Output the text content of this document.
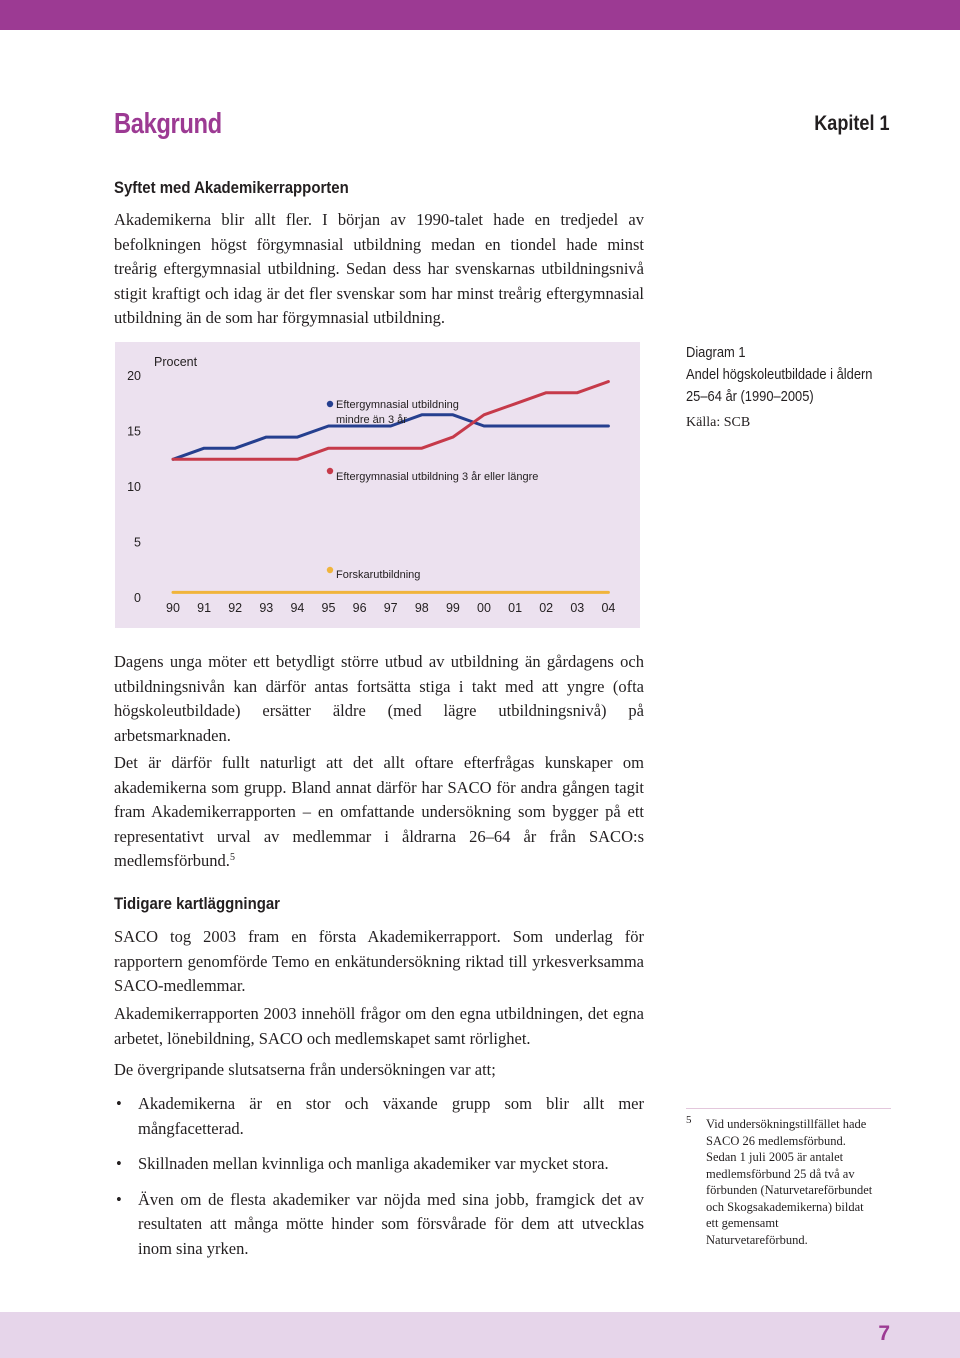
Bakgrund	Kapitel 1
Syftet med Akademikerrapporten

Akademikerna blir allt fler. I början av 1990-talet hade en tredjedel av befolkningen högst förgymnasial utbildning medan en tiondel hade minst treårig eftergymnasial utbildning. Sedan dess har svenskarnas utbildningsnivå stigit kraftigt och idag är det fler svenskar som har minst treårig eftergymnasial utbildning än de som har förgymnasial utbildning.

Procent
20
15
10
5
0
90 91 92 93 94 95 96 97 98 99 00 01 02 03 04
Eftergymnasial utbildning
mindre än 3 år
Eftergymnasial utbildning 3 år eller längre
Forskarutbildning
Diagram 1
Andel högskoleutbildade i åldern
25–64 år (1990–2005)
Källa: SCB

Dagens unga möter ett betydligt större utbud av utbildning än gårdagens och utbildningsnivån kan därför antas fortsätta stiga i takt med att yngre (ofta högskoleutbildade) ersätter äldre (med lägre utbildningsnivå) på arbetsmarknaden.

Det är därför fullt naturligt att det allt oftare efterfrågas kunskaper om akademikerna som grupp. Bland annat därför har SACO för andra gången tagit fram Akademikerrapporten – en omfattande undersökning som bygger på ett representativt urval av medlemmar i åldrarna 26–64 år från SACO:s medlemsförbund.$^5$

Tidigare kartläggningar

SACO tog 2003 fram en första Akademikerrapport. Som underlag för rapportern genomförde Temo en enkätundersökning riktad till yrkesverksamma SACO-medlemmar.

Akademikerrapporten 2003 innehöll frågor om den egna utbildningen, det egna arbetet, lönebildning, SACO och medlemskapet samt rörlighet.

De övergripande slutsatserna från undersökningen var att;

• Akademikerna är en stor och växande grupp som blir allt mer mångfacetterad.
• Skillnaden mellan kvinnliga och manliga akademiker var mycket stora.
• Även om de flesta akademiker var nöjda med sina jobb, framgick det av resultaten att många mötte hinder som försvårade för dem att utvecklas inom sina yrken.
5 Vid undersökningstillfället hade SACO 26 medlemsförbund. Sedan 1 juli 2005 är antalet medlemsförbund 25 då två av förbunden (Naturvetareförbundet och Skogsakademikerna) bildat ett gemensamt Naturvetareförbund.

7
